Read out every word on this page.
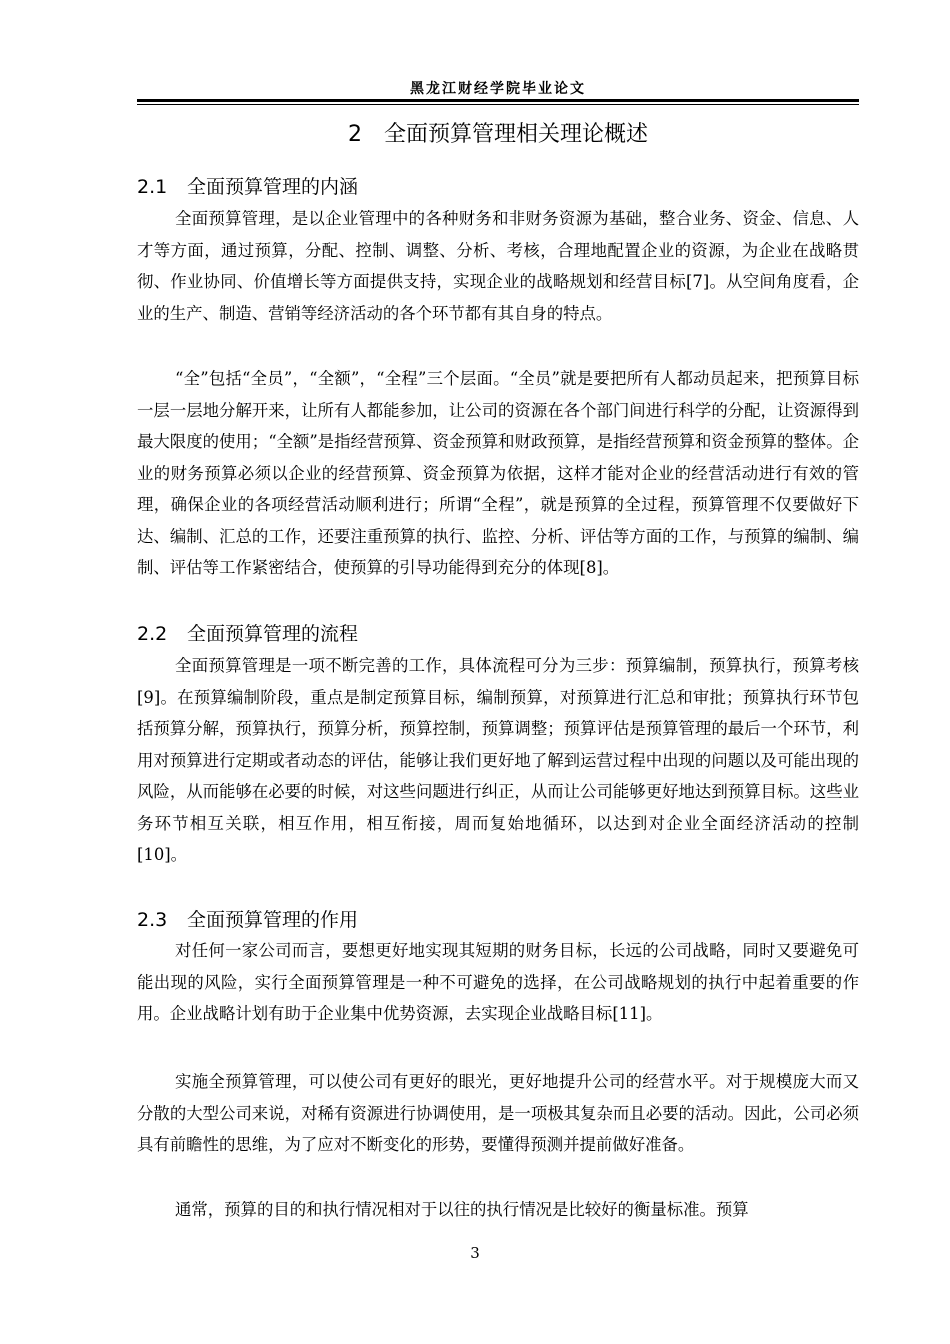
黑龙江财经学院毕业论文
2 全面预算管理相关理论概述
2.1 全面预算管理的内涵
全面预算管理，是以企业管理中的各种财务和非财务资源为基础，整合业务、资金、信息、人才等方面，通过预算，分配、控制、调整、分析、考核，合理地配置企业的资源，为企业在战略贯彻、作业协同、价值增长等方面提供支持，实现企业的战略规划和经营目标[7]。从空间角度看，企业的生产、制造、营销等经济活动的各个环节都有其自身的特点。
“全”包括“全员”，“全额”，“全程”三个层面。“全员”就是要把所有人都动员起来，把预算目标一层一层地分解开来，让所有人都能参加，让公司的资源在各个部门间进行科学的分配，让资源得到最大限度的使用；“全额”是指经营预算、资金预算和财政预算，是指经营预算和资金预算的整体。企业的财务预算必须以企业的经营预算、资金预算为依据，这样才能对企业的经营活动进行有效的管理，确保企业的各项经营活动顺利进行；所谓“全程”，就是预算的全过程，预算管理不仅要做好下达、编制、汇总的工作，还要注重预算的执行、监控、分析、评估等方面的工作，与预算的编制、编制、评估等工作紧密结合，使预算的引导功能得到充分的体现[8]。
2.2 全面预算管理的流程
全面预算管理是一项不断完善的工作，具体流程可分为三步：预算编制，预算执行，预算考核[9]。在预算编制阶段，重点是制定预算目标，编制预算，对预算进行汇总和审批；预算执行环节包括预算分解，预算执行，预算分析，预算控制，预算调整；预算评估是预算管理的最后一个环节，利用对预算进行定期或者动态的评估，能够让我们更好地了解到运营过程中出现的问题以及可能出现的风险，从而能够在必要的时候，对这些问题进行纠正，从而让公司能够更好地达到预算目标。这些业务环节相互关联，相互作用，相互衔接，周而复始地循环，以达到对企业全面经济活动的控制[10]。
2.3 全面预算管理的作用
对任何一家公司而言，要想更好地实现其短期的财务目标，长远的公司战略，同时又要避免可能出现的风险，实行全面预算管理是一种不可避免的选择，在公司战略规划的执行中起着重要的作用。企业战略计划有助于企业集中优势资源，去实现企业战略目标[11]。
实施全预算管理，可以使公司有更好的眼光，更好地提升公司的经营水平。对于规模庞大而又分散的大型公司来说，对稀有资源进行协调使用，是一项极其复杂而且必要的活动。因此，公司必须具有前瞻性的思维，为了应对不断变化的形势，要懂得预测并提前做好准备。
通常，预算的目的和执行情况相对于以往的执行情况是比较好的衡量标准。预算
3
